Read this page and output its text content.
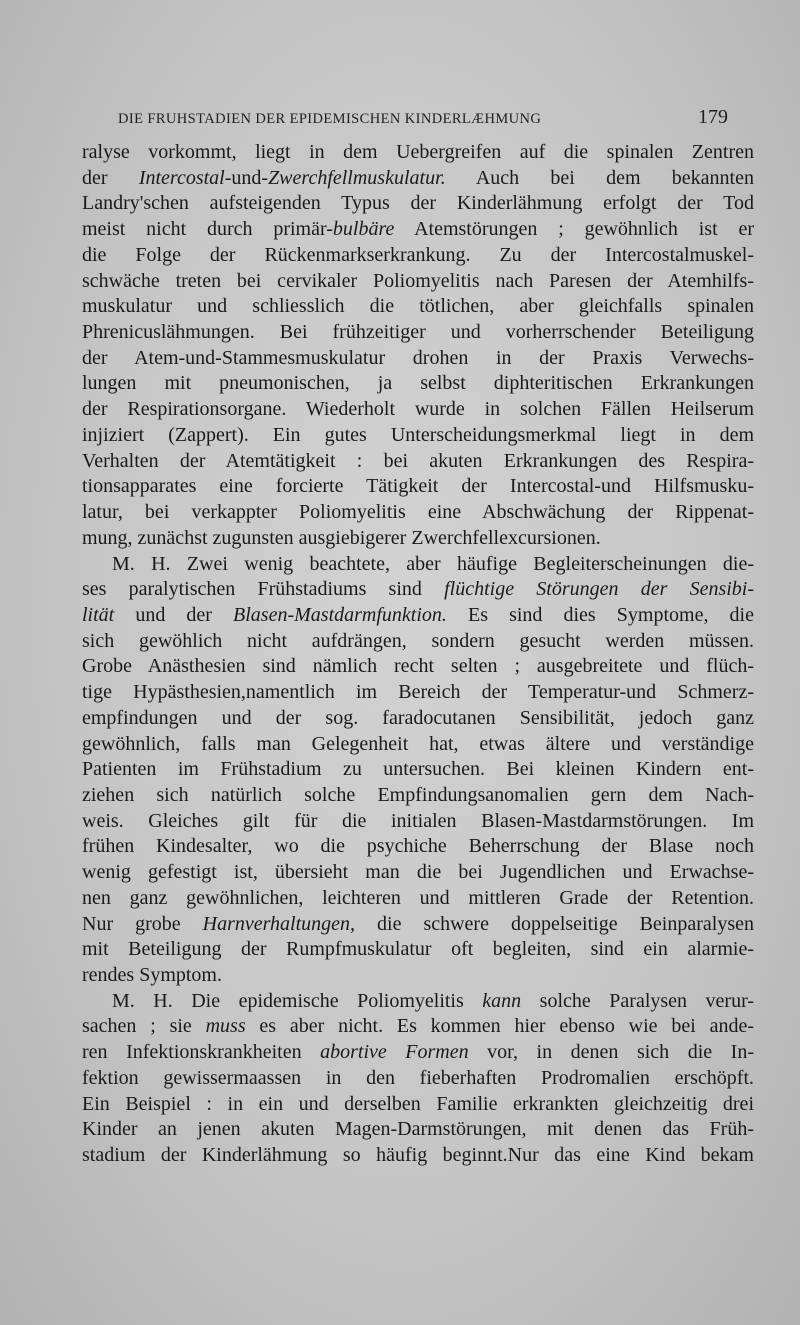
DIE FRUHSTADIEN DER EPIDEMISCHEN KINDERLÆHMUNG	179
ralyse vorkommt, liegt in dem Uebergreifen auf die spinalen Zentren
der Intercostal-und-Zwerchfellmuskulatur. Auch bei dem bekannten
Landry'schen aufsteigenden Typus der Kinderlähmung erfolgt der Tod
meist nicht durch primär-bulbäre Atemstörungen ; gewöhnlich ist er
die Folge der Rückenmarkserkrankung. Zu der Intercostalmuskel-
schwäche treten bei cervikaler Poliomyelitis nach Paresen der Atemhilfs-
muskulatur und schliesslich die tötlichen, aber gleichfalls spinalen
Phrenicuslähmungen. Bei frühzeitiger und vorherrschender Beteiligung
der Atem-und-Stammesmuskulatur drohen in der Praxis Verwechs-
lungen mit pneumonischen, ja selbst diphteritischen Erkrankungen
der Respirationsorgane. Wiederholt wurde in solchen Fällen Heilserum
injiziert (Zappert). Ein gutes Unterscheidungsmerkmal liegt in dem
Verhalten der Atemtätigkeit : bei akuten Erkrankungen des Respira-
tionsapparates eine forcierte Tätigkeit der Intercostal-und Hilfsmusku-
latur, bei verkappter Poliomyelitis eine Abschwächung der Rippenat-
mung, zunächst zugunsten ausgiebigerer Zwerchfellexcursionen.
M. H. Zwei wenig beachtete, aber häufige Begleiterscheinungen die-
ses paralytischen Frühstadiums sind flüchtige Störungen der Sensibi-
lität und der Blasen-Mastdarmfunktion. Es sind dies Symptome, die
sich gewöhlich nicht aufdrängen, sondern gesucht werden müssen.
Grobe Anästhesien sind nämlich recht selten ; ausgebreitete und flüch-
tige Hypästhesien,namentlich im Bereich der Temperatur-und Schmerz-
empfindungen und der sog. faradocutanen Sensibilität, jedoch ganz
gewöhnlich, falls man Gelegenheit hat, etwas ältere und verständige
Patienten im Frühstadium zu untersuchen. Bei kleinen Kindern ent-
ziehen sich natürlich solche Empfindungsanomalien gern dem Nach-
weis. Gleiches gilt für die initialen Blasen-Mastdarmstörungen. Im
frühen Kindesalter, wo die psychiche Beherrschung der Blase noch
wenig gefestigt ist, übersieht man die bei Jugendlichen und Erwachse-
nen ganz gewöhnlichen, leichteren und mittleren Grade der Retention.
Nur grobe Harnverhaltungen, die schwere doppelseitige Beinparalysen
mit Beteiligung der Rumpfmuskulatur oft begleiten, sind ein alarmie-
rendes Symptom.
M. H. Die epidemische Poliomyelitis kann solche Paralysen verur-
sachen ; sie muss es aber nicht. Es kommen hier ebenso wie bei ande-
ren Infektionskrankheiten abortive Formen vor, in denen sich die In-
fektion gewissermaassen in den fieberhaften Prodromalien erschöpft.
Ein Beispiel : in ein und derselben Familie erkrankten gleichzeitig drei
Kinder an jenen akuten Magen-Darmstörungen, mit denen das Früh-
stadium der Kinderlähmung so häufig beginnt.Nur das eine Kind bekam
